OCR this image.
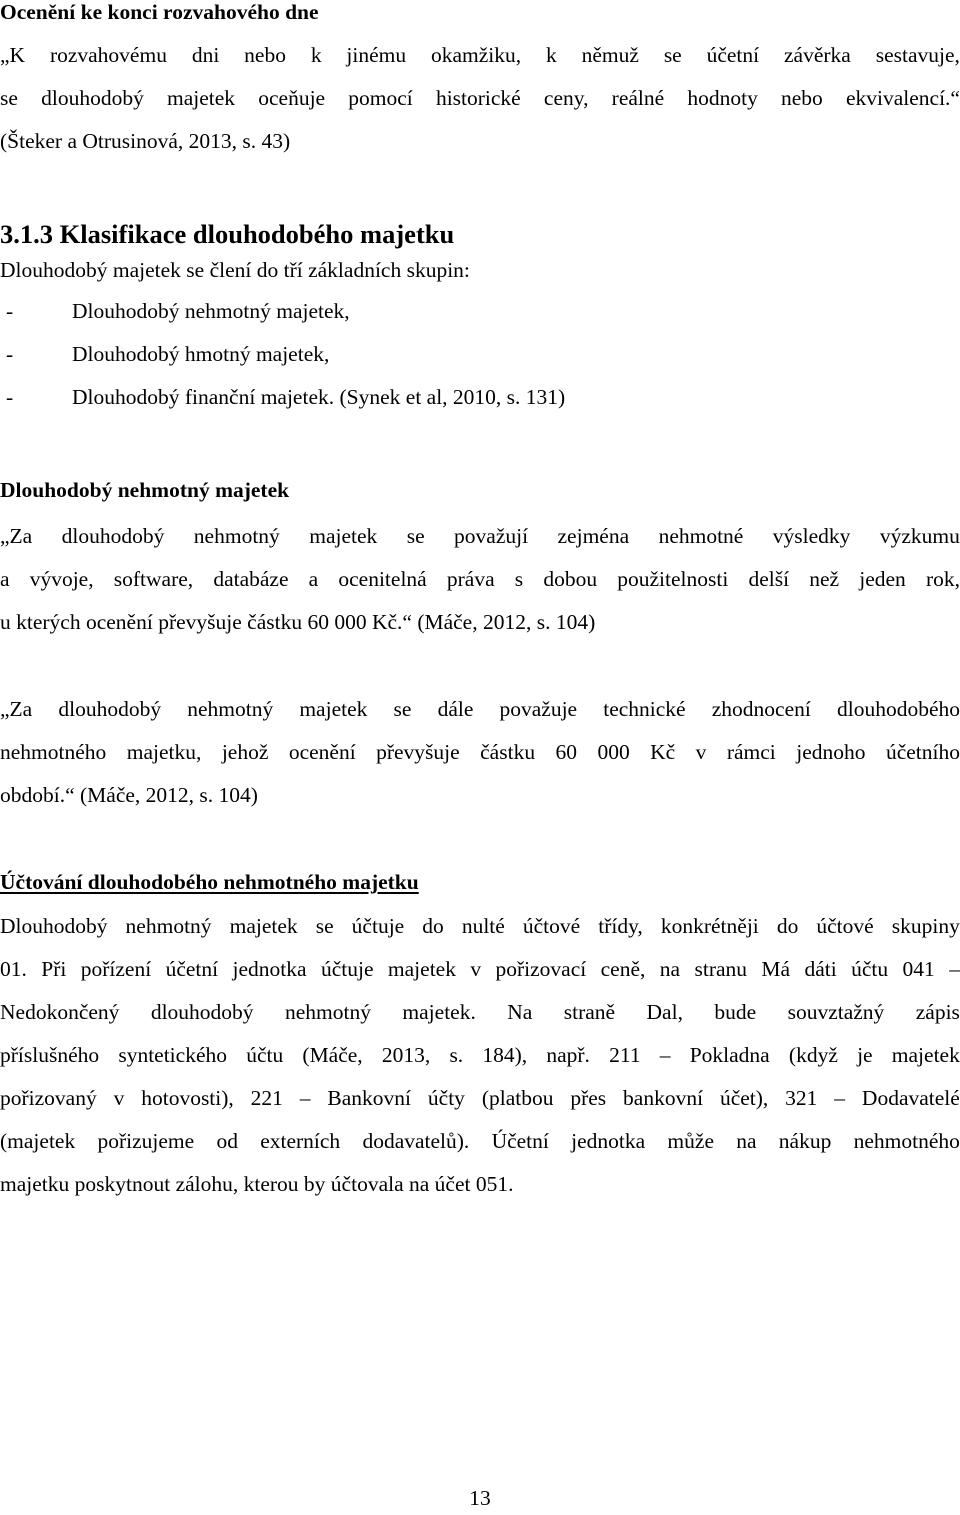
Ocenění ke konci rozvahového dne

„K rozvahovému dni nebo k jinému okamžiku, k němuž se účetní závěrka sestavuje,

se dlouhodobý majetek oceňuje pomocí historické ceny, reálné hodnoty nebo ekvivalencí.“

(Šteker a Otrusinová, 2013, s. 43)

3.1.3 Klasifikace dlouhodobého majetku

Dlouhodobý majetek se člení do tří základních skupin:

-	Dlouhodobý nehmotný majetek,
-	Dlouhodobý hmotný majetek,
-	Dlouhodobý finanční majetek. (Synek et al, 2010, s. 131)

Dlouhodobý nehmotný majetek

„Za dlouhodobý nehmotný majetek se považují zejména nehmotné výsledky výzkumu

a vývoje, software, databáze a ocenitelná práva s dobou použitelnosti delší než jeden rok,

u kterých ocenění převyšuje částku 60 000 Kč.“ (Máče, 2012, s. 104)

„Za dlouhodobý nehmotný majetek se dále považuje technické zhodnocení dlouhodobého

nehmotného majetku, jehož ocenění převyšuje částku 60 000 Kč v rámci jednoho účetního

období.“ (Máče, 2012, s. 104)

Účtování dlouhodobého nehmotného majetku

Dlouhodobý nehmotný majetek se účtuje do nulté účtové třídy, konkrétněji do účtové skupiny

01. Při pořízení účetní jednotka účtuje majetek v pořizovací ceně, na stranu Má dáti účtu 041 –

Nedokončený dlouhodobý nehmotný majetek. Na straně Dal, bude souvztažný zápis

příslušného syntetického účtu (Máče, 2013, s. 184), např. 211 – Pokladna (když je majetek

pořizovaný v hotovosti), 221 – Bankovní účty (platbou přes bankovní účet), 321 – Dodavatelé

(majetek pořizujeme od externích dodavatelů). Účetní jednotka může na nákup nehmotného

majetku poskytnout zálohu, kterou by účtovala na účet 051.

13
